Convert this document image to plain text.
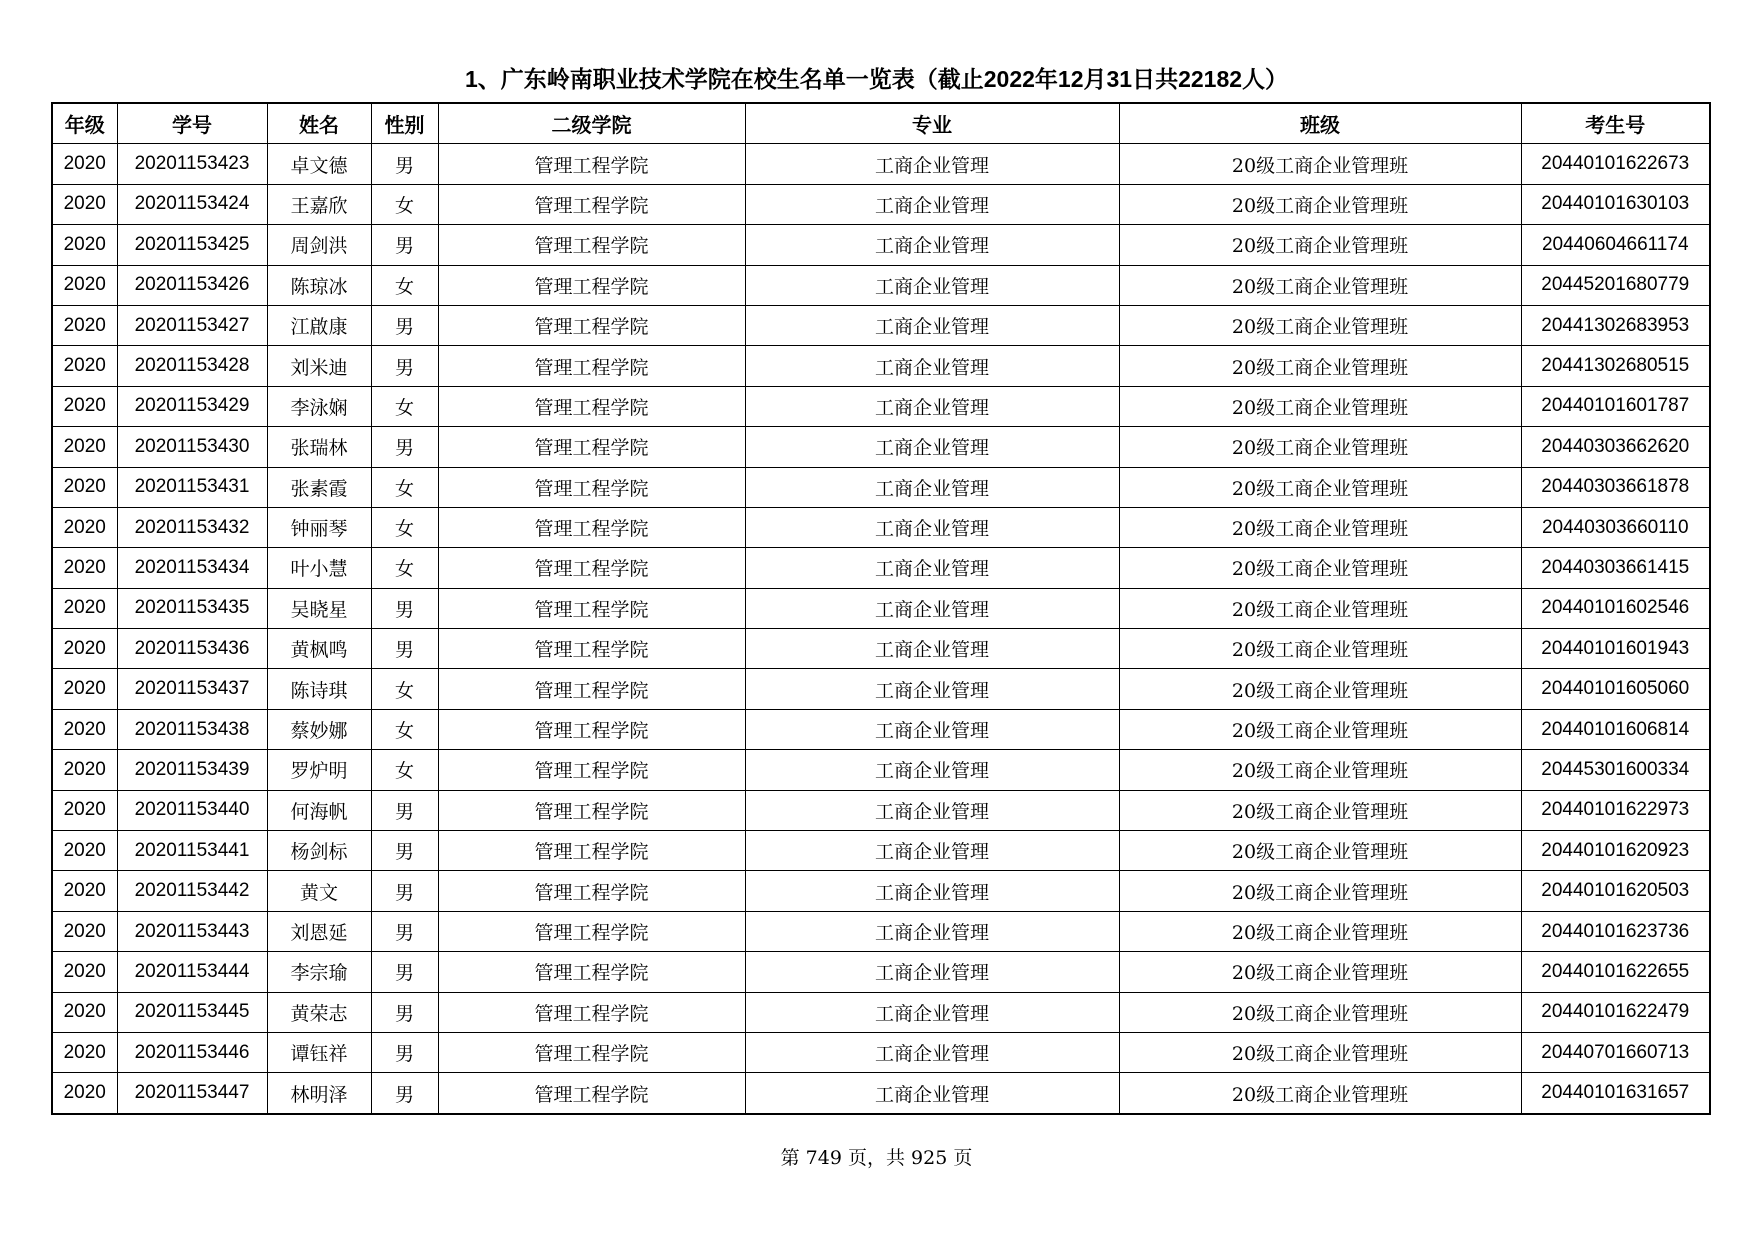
1、广东岭南职业技术学院在校生名单一览表（截止2022年12月31日共22182人）
年级	学号	姓名	性别	二级学院	专业	班级	考生号
2020	20201153423	卓文德	男	管理工程学院	工商企业管理	20级工商企业管理班	20440101622673
2020	20201153424	王嘉欣	女	管理工程学院	工商企业管理	20级工商企业管理班	20440101630103
2020	20201153425	周剑洪	男	管理工程学院	工商企业管理	20级工商企业管理班	20440604661174
2020	20201153426	陈琼冰	女	管理工程学院	工商企业管理	20级工商企业管理班	20445201680779
2020	20201153427	江啟康	男	管理工程学院	工商企业管理	20级工商企业管理班	20441302683953
2020	20201153428	刘米迪	男	管理工程学院	工商企业管理	20级工商企业管理班	20441302680515
2020	20201153429	李泳娴	女	管理工程学院	工商企业管理	20级工商企业管理班	20440101601787
2020	20201153430	张瑞林	男	管理工程学院	工商企业管理	20级工商企业管理班	20440303662620
2020	20201153431	张素霞	女	管理工程学院	工商企业管理	20级工商企业管理班	20440303661878
2020	20201153432	钟丽琴	女	管理工程学院	工商企业管理	20级工商企业管理班	20440303660110
2020	20201153434	叶小慧	女	管理工程学院	工商企业管理	20级工商企业管理班	20440303661415
2020	20201153435	吴晓星	男	管理工程学院	工商企业管理	20级工商企业管理班	20440101602546
2020	20201153436	黄枫鸣	男	管理工程学院	工商企业管理	20级工商企业管理班	20440101601943
2020	20201153437	陈诗琪	女	管理工程学院	工商企业管理	20级工商企业管理班	20440101605060
2020	20201153438	蔡妙娜	女	管理工程学院	工商企业管理	20级工商企业管理班	20440101606814
2020	20201153439	罗炉明	女	管理工程学院	工商企业管理	20级工商企业管理班	20445301600334
2020	20201153440	何海帆	男	管理工程学院	工商企业管理	20级工商企业管理班	20440101622973
2020	20201153441	杨剑标	男	管理工程学院	工商企业管理	20级工商企业管理班	20440101620923
2020	20201153442	黄文	男	管理工程学院	工商企业管理	20级工商企业管理班	20440101620503
2020	20201153443	刘恩延	男	管理工程学院	工商企业管理	20级工商企业管理班	20440101623736
2020	20201153444	李宗瑜	男	管理工程学院	工商企业管理	20级工商企业管理班	20440101622655
2020	20201153445	黄荣志	男	管理工程学院	工商企业管理	20级工商企业管理班	20440101622479
2020	20201153446	谭钰祥	男	管理工程学院	工商企业管理	20级工商企业管理班	20440701660713
2020	20201153447	林明泽	男	管理工程学院	工商企业管理	20级工商企业管理班	20440101631657
第 749 页，共 925 页
